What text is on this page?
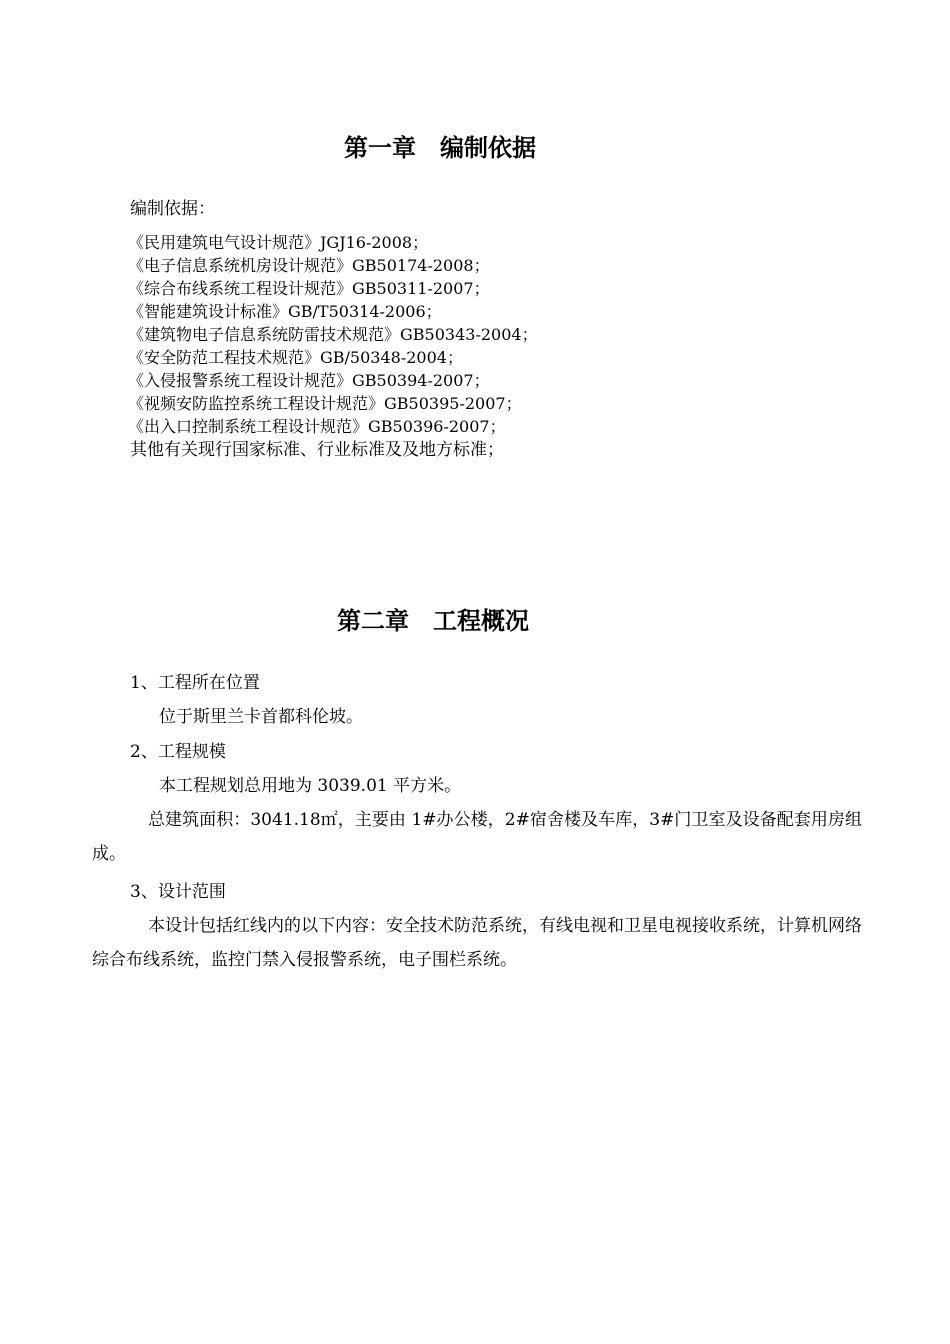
第一章　编制依据
编制依据：
《民用建筑电气设计规范》JGJ16-2008；
《电子信息系统机房设计规范》GB50174-2008；
《综合布线系统工程设计规范》GB50311-2007；
《智能建筑设计标准》GB/T50314-2006；
《建筑物电子信息系统防雷技术规范》GB50343-2004；
《安全防范工程技术规范》GB/50348-2004；
《入侵报警系统工程设计规范》GB50394-2007；
《视频安防监控系统工程设计规范》GB50395-2007；
《出入口控制系统工程设计规范》GB50396-2007；
其他有关现行国家标准、行业标准及及地方标准；
第二章　工程概况
1、工程所在位置
位于斯里兰卡首都科伦坡。
2、工程规模
本工程规划总用地为 3039.01 平方米。
总建筑面积：3041.18㎡，主要由 1#办公楼，2#宿舍楼及车库，3#门卫室及设备配套用房组成。
3、设计范围
本设计包括红线内的以下内容：安全技术防范系统，有线电视和卫星电视接收系统，计算机网络综合布线系统，监控门禁入侵报警系统，电子围栏系统。
